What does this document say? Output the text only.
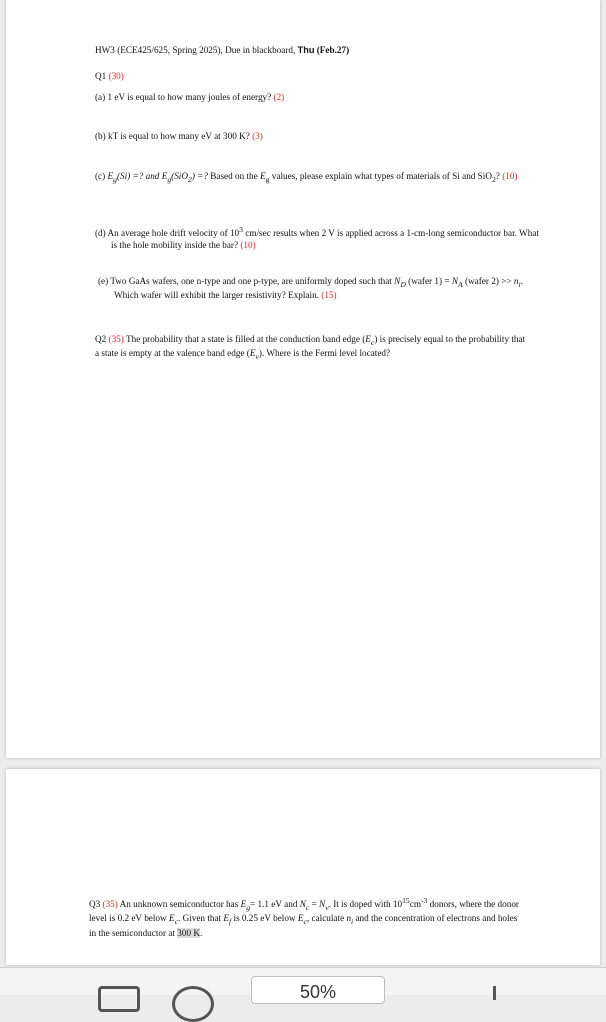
HW3 (ECE425/625, Spring 2025), Due in blackboard, Thu (Feb.27)
Q1 (30)
(a) 1 eV is equal to how many joules of energy? (2)
(b) kT is equal to how many eV at 300 K? (3)
(c) $E_g(Si)$ =? and $E_g(SiO_2)$ =? Based on the $E_g$ values, please explain what types of materials of Si and SiO$_2$? (10)
(d) An average hole drift velocity of $10^3$ cm/sec results when 2 V is applied across a 1-cm-long semiconductor bar. What is the hole mobility inside the bar? (10)
(e) Two GaAs wafers, one n-type and one p-type, are uniformly doped such that $N_D$ (wafer $1) = N_A$ (wafer $2) >> n_i$. Which wafer will exhibit the larger resistivity? Explain. (15)
Q2 (35) The probability that a state is filled at the conduction band edge $(E_c)$ is precisely equal to the probability that a state is empty at the valence band edge $(E_v)$. Where is the Fermi level located?
Q3 (35) An unknown semiconductor has $E_g= 1.1$ eV and $N_c = N_v$. It is doped with $10^{15}cm^{-3}$ donors, where the donor level is 0.2 eV below $E_c$. Given that $E_f$ is 0.25 eV below $E_c$, calculate $n_i$ and the concentration of electrons and holes in the semiconductor at 300 K.
50%
